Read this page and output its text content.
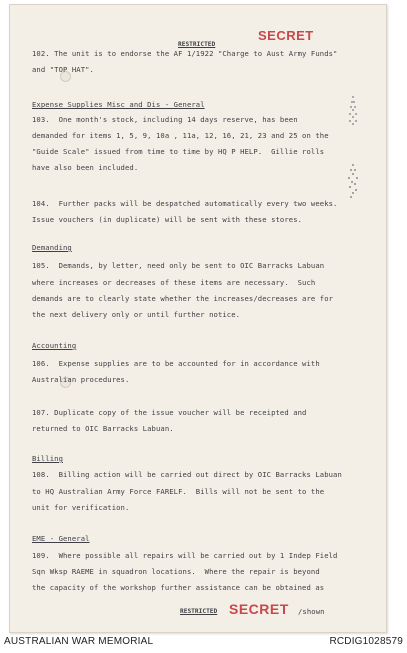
RESTRICTED
SECRET
102. The unit is to endorse the AF 1/1922 "Charge to Aust Army Funds"
and "TOP HAT".
Expense Supplies Misc and Dis - General
103.  One month's stock, including 14 days reserve, has been
demanded for items 1, 5, 9, 10a , 11a, 12, 16, 21, 23 and 25 on the
"Guide Scale" issued from time to time by HQ P HELP.  Gillie rolls
have also been included.
104.  Further packs will be despatched automatically every two weeks.
Issue vouchers (in duplicate) will be sent with these stores.
Demanding
105.  Demands, by letter, need only be sent to OIC Barracks Labuan
where increases or decreases of these items are necessary.  Such
demands are to clearly state whether the increases/decreases are for
the next delivery only or until further notice.
Accounting
106.  Expense supplies are to be accounted for in accordance with
Australian procedures.
107. Duplicate copy of the issue voucher will be receipted and
returned to OIC Barracks Labuan.
Billing
108.  Billing action will be carried out direct by OIC Barracks Labuan
to HQ Australian Army Force FARELF.  Bills will not be sent to the
unit for verification.
EME - General
109.  Where possible all repairs will be carried out by 1 Indep Field
Sqn Wksp RAEME in squadron locations.  Where the repair is beyond
the capacity of the workshop further assistance can be obtained as
RESTRICTED SECRET /shown
AUSTRALIAN WAR MEMORIAL	RCDIG1028579
